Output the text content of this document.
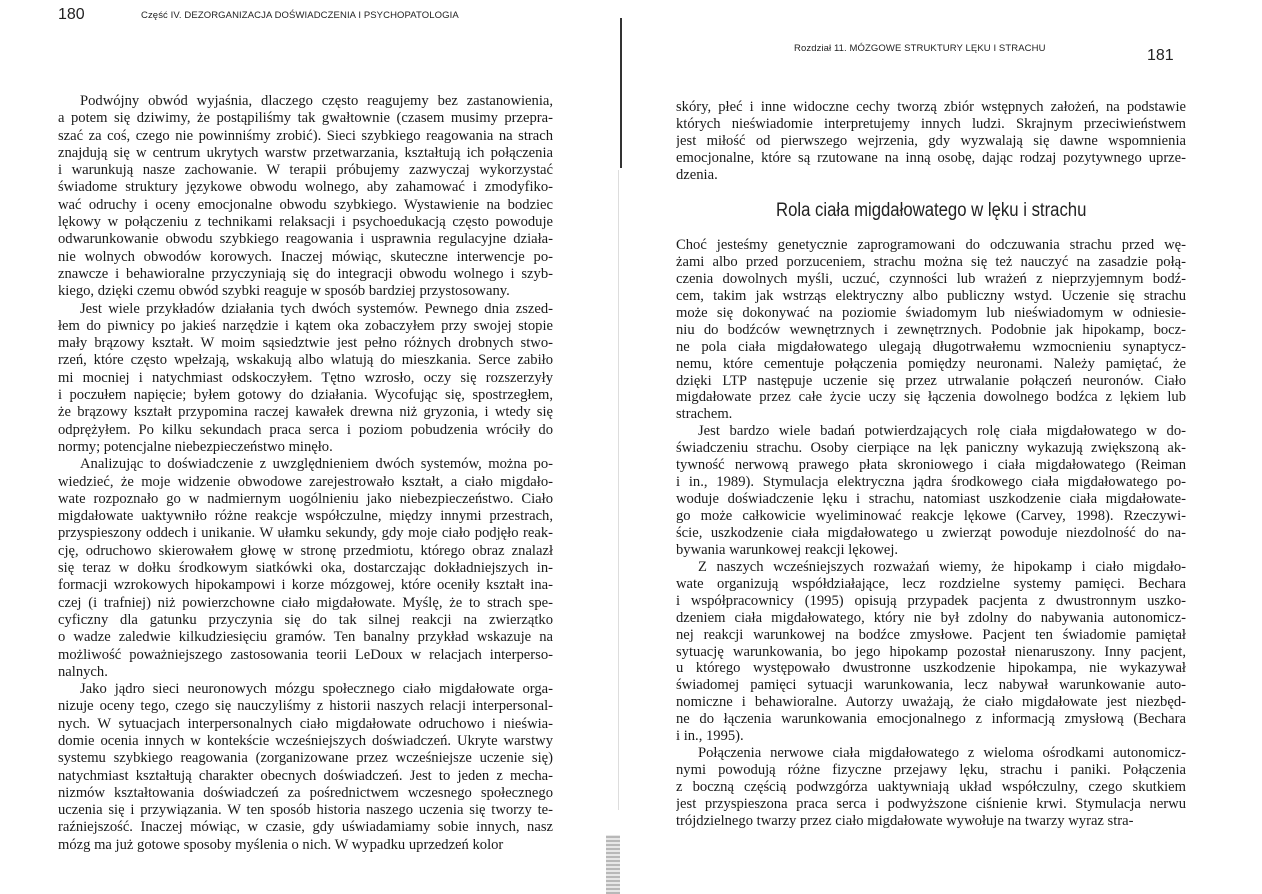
180	Część IV. DEZORGANIZACJA DOŚWIADCZENIA I PSYCHOPATOLOGIA
Podwójny obwód wyjaśnia, dlaczego często reagujemy bez zastanowienia,
a potem się dziwimy, że postąpiliśmy tak gwałtownie (czasem musimy przepra-
szać za coś, czego nie powinniśmy zrobić). Sieci szybkiego reagowania na strach
znajdują się w centrum ukrytych warstw przetwarzania, kształtują ich połączenia
i warunkują nasze zachowanie. W terapii próbujemy zazwyczaj wykorzystać
świadome struktury językowe obwodu wolnego, aby zahamować i zmodyfiko-
wać odruchy i oceny emocjonalne obwodu szybkiego. Wystawienie na bodziec
lękowy w połączeniu z technikami relaksacji i psychoedukacją często powoduje
odwarunkowanie obwodu szybkiego reagowania i usprawnia regulacyjne działa-
nie wolnych obwodów korowych. Inaczej mówiąc, skuteczne interwencje po-
znawcze i behawioralne przyczyniają się do integracji obwodu wolnego i szyb-
kiego, dzięki czemu obwód szybki reaguje w sposób bardziej przystosowany.
Jest wiele przykładów działania tych dwóch systemów. Pewnego dnia zszed-
łem do piwnicy po jakieś narzędzie i kątem oka zobaczyłem przy swojej stopie
mały brązowy kształt. W moim sąsiedztwie jest pełno różnych drobnych stwo-
rzeń, które często wpełzają, wskakują albo wlatują do mieszkania. Serce zabiło
mi mocniej i natychmiast odskoczyłem. Tętno wzrosło, oczy się rozszerzyły
i poczułem napięcie; byłem gotowy do działania. Wycofując się, spostrzegłem,
że brązowy kształt przypomina raczej kawałek drewna niż gryzonia, i wtedy się
odprężyłem. Po kilku sekundach praca serca i poziom pobudzenia wróciły do
normy; potencjalne niebezpieczeństwo minęło.
Analizując to doświadczenie z uwzględnieniem dwóch systemów, można po-
wiedzieć, że moje widzenie obwodowe zarejestrowało kształt, a ciało migdało-
wate rozpoznało go w nadmiernym uogólnieniu jako niebezpieczeństwo. Ciało
migdałowate uaktywniło różne reakcje współczulne, między innymi przestrach,
przyspieszony oddech i unikanie. W ułamku sekundy, gdy moje ciało podjęło reak-
cję, odruchowo skierowałem głowę w stronę przedmiotu, którego obraz znalazł
się teraz w dołku środkowym siatkówki oka, dostarczając dokładniejszych in-
formacji wzrokowych hipokampowi i korze mózgowej, które oceniły kształt ina-
czej (i trafniej) niż powierzchowne ciało migdałowate. Myślę, że to strach spe-
cyficzny dla gatunku przyczynia się do tak silnej reakcji na zwierzątko
o wadze zaledwie kilkudziesięciu gramów. Ten banalny przykład wskazuje na
możliwość poważniejszego zastosowania teorii LeDoux w relacjach interperso-
nalnych.
Jako jądro sieci neuronowych mózgu społecznego ciało migdałowate orga-
nizuje oceny tego, czego się nauczyliśmy z historii naszych relacji interpersonal-
nych. W sytuacjach interpersonalnych ciało migdałowate odruchowo i nieświa-
domie ocenia innych w kontekście wcześniejszych doświadczeń. Ukryte warstwy
systemu szybkiego reagowania (zorganizowane przez wcześniejsze uczenie się)
natychmiast kształtują charakter obecnych doświadczeń. Jest to jeden z mecha-
nizmów kształtowania doświadczeń za pośrednictwem wczesnego społecznego
uczenia się i przywiązania. W ten sposób historia naszego uczenia się tworzy te-
raźniejszość. Inaczej mówiąc, w czasie, gdy uświadamiamy sobie innych, nasz
mózg ma już gotowe sposoby myślenia o nich. W wypadku uprzedzeń kolor
Rozdział 11. MÓZGOWE STRUKTURY LĘKU I STRACHU	181
skóry, płeć i inne widoczne cechy tworzą zbiór wstępnych założeń, na podstawie
których nieświadomie interpretujemy innych ludzi. Skrajnym przeciwieństwem
jest miłość od pierwszego wejrzenia, gdy wyzwalają się dawne wspomnienia
emocjonalne, które są rzutowane na inną osobę, dając rodzaj pozytywnego uprze-
dzenia.
Rola ciała migdałowatego w lęku i strachu
Choć jesteśmy genetycznie zaprogramowani do odczuwania strachu przed wę-
żami albo przed porzuceniem, strachu można się też nauczyć na zasadzie połą-
czenia dowolnych myśli, uczuć, czynności lub wrażeń z nieprzyjemnym bodź-
cem, takim jak wstrząs elektryczny albo publiczny wstyd. Uczenie się strachu
może się dokonywać na poziomie świadomym lub nieświadomym w odniesie-
niu do bodźców wewnętrznych i zewnętrznych. Podobnie jak hipokamp, bocz-
ne pola ciała migdałowatego ulegają długotrwałemu wzmocnieniu synaptycz-
nemu, które cementuje połączenia pomiędzy neuronami. Należy pamiętać, że
dzięki LTP następuje uczenie się przez utrwalanie połączeń neuronów. Ciało
migdałowate przez całe życie uczy się łączenia dowolnego bodźca z lękiem lub
strachem.
Jest bardzo wiele badań potwierdzających rolę ciała migdałowatego w do-
świadczeniu strachu. Osoby cierpiące na lęk paniczny wykazują zwiększoną ak-
tywność nerwową prawego płata skroniowego i ciała migdałowatego (Reiman
i in., 1989). Stymulacja elektryczna jądra środkowego ciała migdałowatego po-
woduje doświadczenie lęku i strachu, natomiast uszkodzenie ciała migdałowate-
go może całkowicie wyeliminować reakcje lękowe (Carvey, 1998). Rzeczywi-
ście, uszkodzenie ciała migdałowatego u zwierząt powoduje niezdolność do na-
bywania warunkowej reakcji lękowej.
Z naszych wcześniejszych rozważań wiemy, że hipokamp i ciało migdało-
wate organizują współdziałające, lecz rozdzielne systemy pamięci. Bechara
i współpracownicy (1995) opisują przypadek pacjenta z dwustronnym uszko-
dzeniem ciała migdałowatego, który nie był zdolny do nabywania autonomicz-
nej reakcji warunkowej na bodźce zmysłowe. Pacjent ten świadomie pamiętał
sytuację warunkowania, bo jego hipokamp pozostał nienaruszony. Inny pacjent,
u którego występowało dwustronne uszkodzenie hipokampa, nie wykazywał
świadomej pamięci sytuacji warunkowania, lecz nabywał warunkowanie auto-
nomiczne i behawioralne. Autorzy uważają, że ciało migdałowate jest niezbęd-
ne do łączenia warunkowania emocjonalnego z informacją zmysłową (Bechara
i in., 1995).
Połączenia nerwowe ciała migdałowatego z wieloma ośrodkami autonomicz-
nymi powodują różne fizyczne przejawy lęku, strachu i paniki. Połączenia
z boczną częścią podwzgórza uaktywniają układ współczulny, czego skutkiem
jest przyspieszona praca serca i podwyższone ciśnienie krwi. Stymulacja nerwu
trójdzielnego twarzy przez ciało migdałowate wywołuje na twarzy wyraz stra-
